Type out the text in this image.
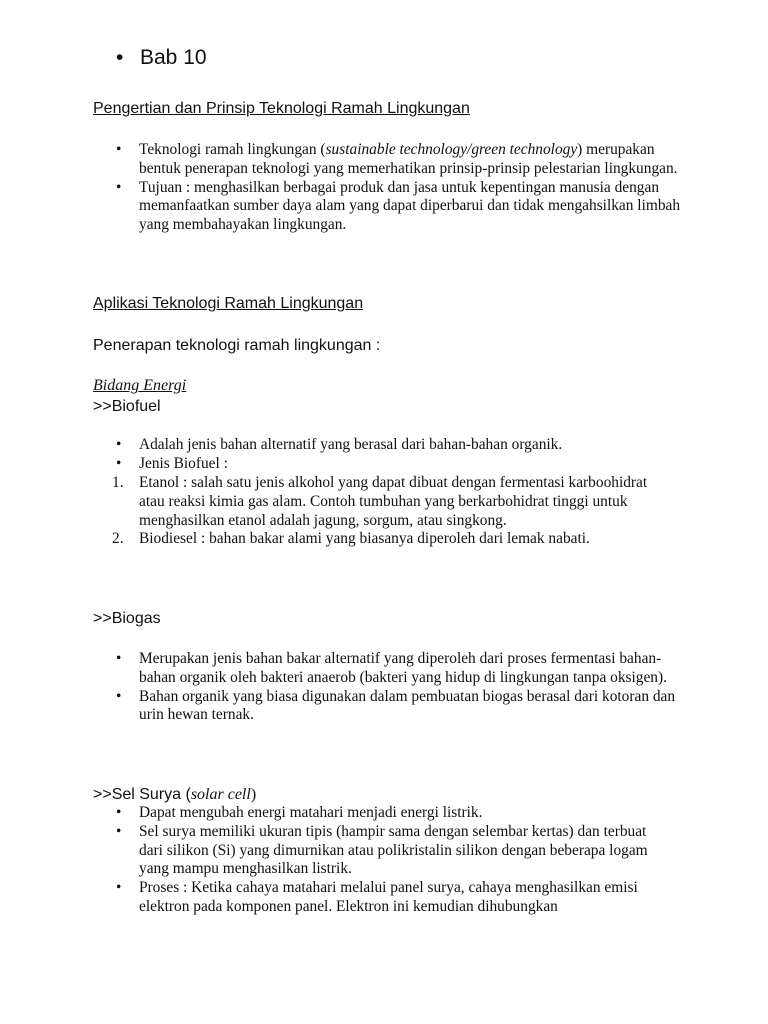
• Bab 10
Pengertian dan Prinsip Teknologi Ramah Lingkungan
•	Teknologi ramah lingkungan (sustainable technology/green technology) merupakan bentuk penerapan teknologi yang memerhatikan prinsip-prinsip pelestarian lingkungan.
•	Tujuan : menghasilkan berbagai produk dan jasa untuk kepentingan manusia dengan memanfaatkan sumber daya alam yang dapat diperbarui dan tidak mengahsilkan limbah yang membahayakan lingkungan.
Aplikasi Teknologi Ramah Lingkungan
Penerapan teknologi ramah lingkungan :
Bidang Energi
>>Biofuel
•	Adalah jenis bahan alternatif yang berasal dari bahan-bahan organik.
•	Jenis Biofuel :
1.	Etanol : salah satu jenis alkohol yang dapat dibuat dengan fermentasi karboohidrat atau reaksi kimia gas alam. Contoh tumbuhan yang berkarbohidrat tinggi untuk menghasilkan etanol adalah jagung, sorgum, atau singkong.
2.	Biodiesel : bahan bakar alami yang biasanya diperoleh dari lemak nabati.
>>Biogas
•	Merupakan jenis bahan bakar alternatif yang diperoleh dari proses fermentasi bahan-bahan organik oleh bakteri anaerob (bakteri yang hidup di lingkungan tanpa oksigen).
•	Bahan organik yang biasa digunakan dalam pembuatan biogas berasal dari kotoran dan urin hewan ternak.
>>Sel Surya (solar cell)
•	Dapat mengubah energi matahari menjadi energi listrik.
•	Sel surya memiliki ukuran tipis (hampir sama dengan selembar kertas) dan terbuat dari silikon (Si) yang dimurnikan atau polikristalin silikon dengan beberapa logam yang mampu menghasilkan listrik.
•	Proses : Ketika cahaya matahari melalui panel surya, cahaya menghasilkan emisi elektron pada komponen panel. Elektron ini kemudian dihubungkan
